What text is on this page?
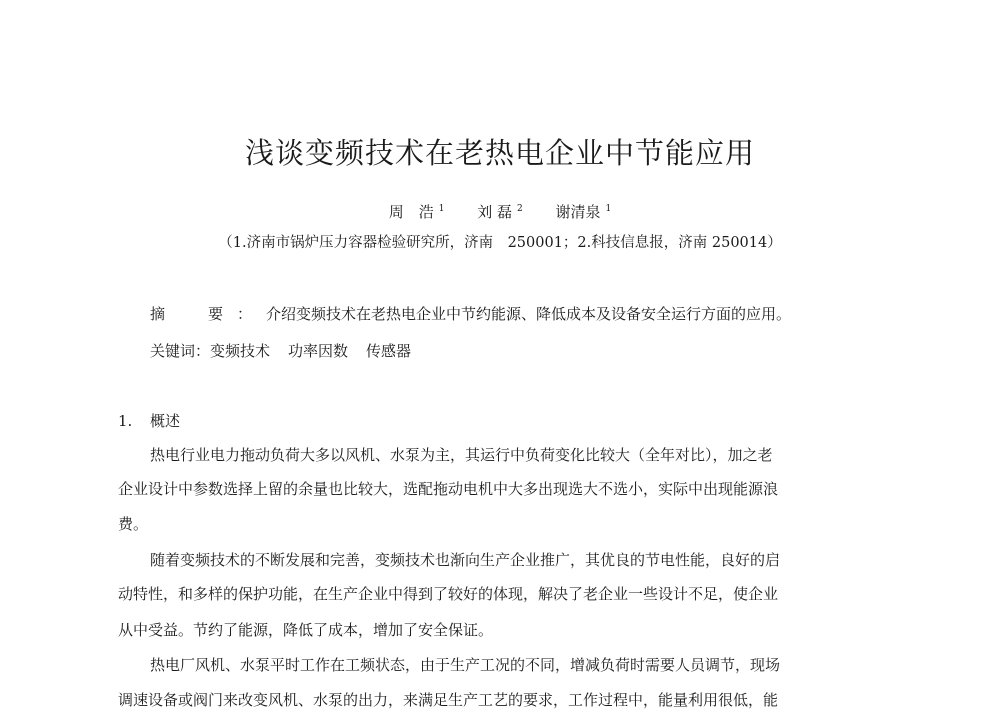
浅谈变频技术在老热电企业中节能应用
周　浩 $^1$ 刘 磊 $^2$ 谢清泉 $^1$
（1.济南市锅炉压力容器检验研究所，济南　250001；2.科技信息报，济南 250014）
摘　要：介绍变频技术在老热电企业中节约能源、降低成本及设备安全运行方面的应用。
关键词：变频技术 功率因数 传感器
1. 概述
热电行业电力拖动负荷大多以风机、水泵为主，其运行中负荷变化比较大（全年对比），加之老
企业设计中参数选择上留的余量也比较大，选配拖动电机中大多出现选大不选小，实际中出现能源浪
费。
随着变频技术的不断发展和完善，变频技术也渐向生产企业推广，其优良的节电性能，良好的启
动特性，和多样的保护功能，在生产企业中得到了较好的体现，解决了老企业一些设计不足，使企业
从中受益。节约了能源，降低了成本，增加了安全保证。
热电厂风机、水泵平时工作在工频状态，由于生产工况的不同，增减负荷时需要人员调节，现场
调速设备或阀门来改变风机、水泵的出力，来满足生产工艺的要求，工作过程中，能量利用很低，能
